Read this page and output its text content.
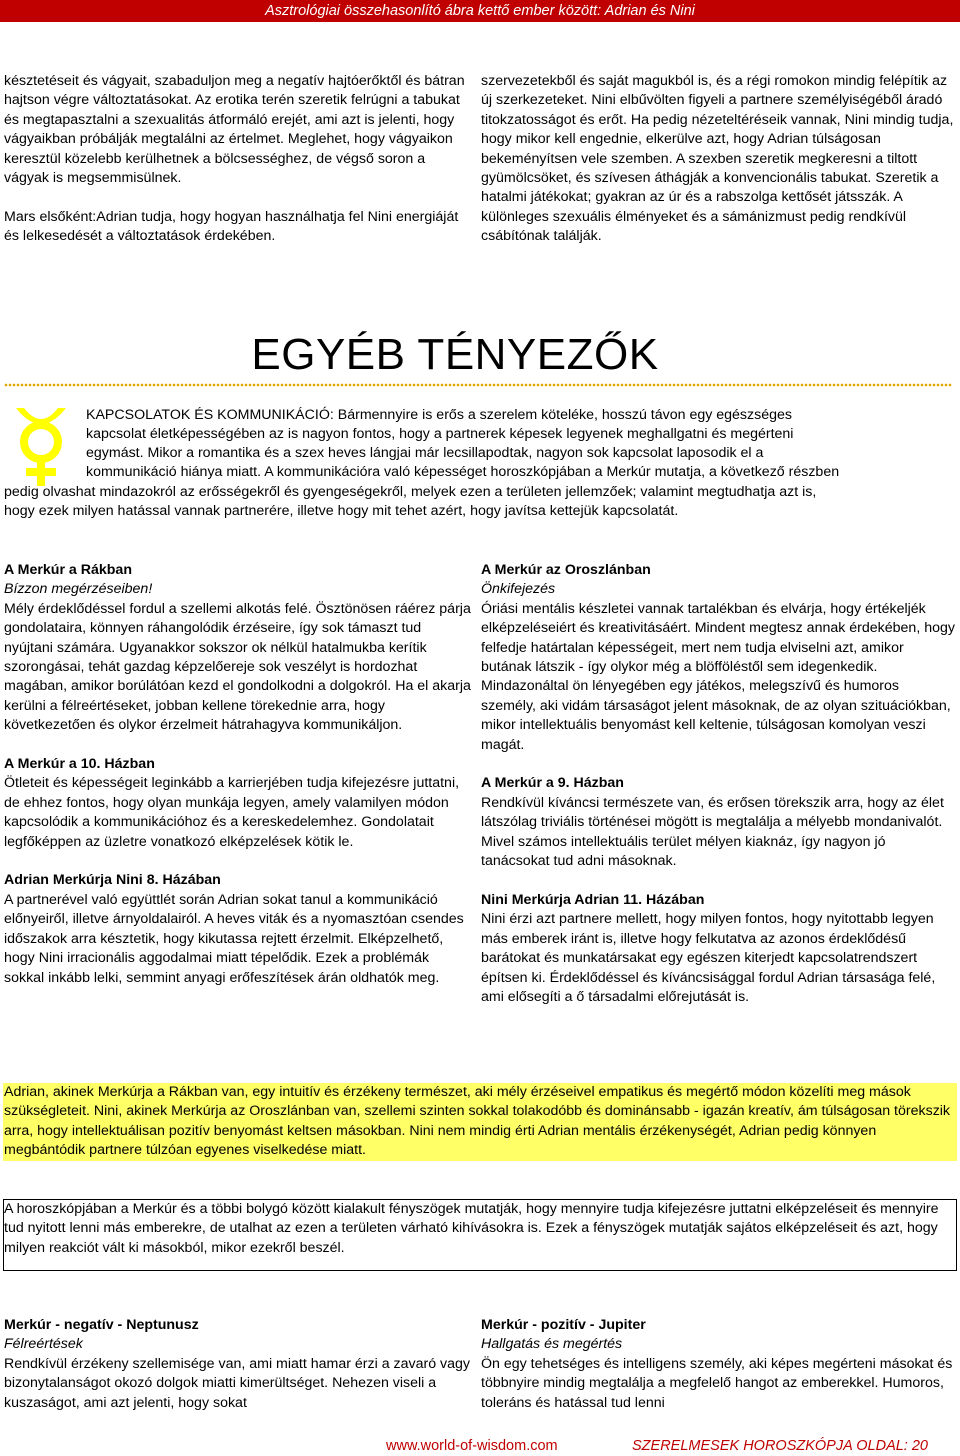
Asztrológiai összehasonlító ábra kettő ember között: Adrian és Nini

késztetéseit és vágyait, szabaduljon meg a negatív hajtóerőktől és bátran hajtson végre változtatásokat. Az erotika terén szeretik felrúgni a tabukat és megtapasztalni a szexualitás átformáló erejét, ami azt is jelenti, hogy vágyaikban próbálják megtalálni az értelmet. Meglehet, hogy vágyaikon keresztül közelebb kerülhetnek a bölcsességhez, de végső soron a vágyak is megsemmisülnek.

Mars elsőként:Adrian tudja, hogy hogyan használhatja fel Nini energiáját és lelkesedését a változtatások érdekében.

szervezetekből és saját magukból is, és a régi romokon mindig felépítik az új szerkezeteket. Nini elbűvölten figyeli a partnere személyiségéből áradó titokzatosságot és erőt. Ha pedig nézeteltéréseik vannak, Nini mindig tudja, hogy mikor kell engednie, elkerülve azt, hogy Adrian túlságosan bekeményítsen vele szemben. A szexben szeretik megkeresni a tiltott gyümölcsöket, és szívesen áthágják a konvencionális tabukat. Szeretik a hatalmi játékokat; gyakran az úr és a rabszolga kettősét játsszák. A különleges szexuális élményeket és a sámánizmust pedig rendkívül csábítónak találják.

EGYÉB TÉNYEZŐK
KAPCSOLATOK ÉS KOMMUNIKÁCIÓ: Bármennyire is erős a szerelem köteléke, hosszú távon egy egészséges
kapcsolat életképességében az is nagyon fontos, hogy a partnerek képesek legyenek meghallgatni és megérteni
egymást. Mikor a romantika és a szex heves lángjai már lecsillapodtak, nagyon sok kapcsolat laposodik el a
kommunikáció hiánya miatt. A kommunikációra való képességet horoszkópjában a Merkúr mutatja, a következő részben
pedig olvashat mindazokról az erősségekről és gyengeségekről, melyek ezen a területen jellemzőek; valamint megtudhatja azt is,
hogy ezek milyen hatással vannak partnerére, illetve hogy mit tehet azért, hogy javítsa kettejük kapcsolatát.

A Merkúr a Rákban

Bízzon megérzéseiben!

Mély érdeklődéssel fordul a szellemi alkotás felé. Ösztönösen ráérez párja gondolataira, könnyen ráhangolódik érzéseire, így sok támaszt tud nyújtani számára. Ugyanakkor sokszor ok nélkül hatalmukba kerítik szorongásai, tehát gazdag képzelőereje sok veszélyt is hordozhat magában, amikor borúlátóan kezd el gondolkodni a dolgokról. Ha el akarja kerülni a félreértéseket, jobban kellene törekednie arra, hogy következetően és olykor érzelmeit hátrahagyva kommunikáljon.

A Merkúr a 10. Házban

Ötleteit és képességeit leginkább a karrierjében tudja kifejezésre juttatni, de ehhez fontos, hogy olyan munkája legyen, amely valamilyen módon kapcsolódik a kommunikációhoz és a kereskedelemhez. Gondolatait legfőképpen az üzletre vonatkozó elképzelések kötik le.

Adrian Merkúrja Nini 8. Házában

A partnerével való együttlét során Adrian sokat tanul a kommunikáció előnyeiről, illetve árnyoldalairól. A heves viták és a nyomasztóan csendes időszakok arra késztetik, hogy kikutassa rejtett érzelmit. Elképzelhető, hogy Nini irracionális aggodalmai miatt tépelődik. Ezek a problémák sokkal inkább lelki, semmint anyagi erőfeszítések árán oldhatók meg.

A Merkúr az Oroszlánban

Önkifejezés

Óriási mentális készletei vannak tartalékban és elvárja, hogy értékeljék elképzeléseiért és kreativitásáért. Mindent megtesz annak érdekében, hogy felfedje határtalan képességeit, mert nem tudja elviselni azt, amikor butának látszik - így olykor még a blöfföléstől sem idegenkedik. Mindazonáltal ön lényegében egy játékos, melegszívű és humoros személy, aki vidám társaságot jelent másoknak, de az olyan szituációkban, mikor intellektuális benyomást kell keltenie, túlságosan komolyan veszi magát.

A Merkúr a 9. Házban

Rendkívül kíváncsi természete van, és erősen törekszik arra, hogy az élet látszólag triviális történései mögött is megtalálja a mélyebb mondanivalót. Mivel számos intellektuális terület mélyen kiaknáz, így nagyon jó tanácsokat tud adni másoknak.

Nini Merkúrja Adrian 11. Házában

Nini érzi azt partnere mellett, hogy milyen fontos, hogy nyitottabb legyen más emberek iránt is, illetve hogy felkutatva az azonos érdeklődésű barátokat és munkatársakat egy egészen kiterjedt kapcsolatrendszert építsen ki. Érdeklődéssel és kíváncsisággal fordul Adrian társasága felé, ami elősegíti a ő társadalmi előrejutását is.

Adrian, akinek Merkúrja a Rákban van, egy intuitív és érzékeny természet, aki mély érzéseivel empatikus és megértő módon közelíti meg mások szükségleteit. Nini, akinek Merkúrja az Oroszlánban van, szellemi szinten sokkal tolakodóbb és dominánsabb - igazán kreatív, ám túlságosan törekszik arra, hogy intellektuálisan pozitív benyomást keltsen másokban. Nini nem mindig érti Adrian mentális érzékenységét, Adrian pedig könnyen megbántódik partnere túlzóan egyenes viselkedése miatt.

A horoszkópjában a Merkúr és a többi bolygó között kialakult fényszögek mutatják, hogy mennyire tudja kifejezésre juttatni elképzeléseit és mennyire tud nyitott lenni más emberekre, de utalhat az ezen a területen várható kihívásokra is. Ezek a fényszögek mutatják sajátos elképzeléseit és azt, hogy milyen reakciót vált ki másokból, mikor ezekről beszél.

Merkúr - negatív - Neptunusz

Félreértések

Rendkívül érzékeny szellemisége van, ami miatt hamar érzi a zavaró vagy bizonytalanságot okozó dolgok miatti kimerültséget. Nehezen viseli a kuszaságot, ami azt jelenti, hogy sokat

Merkúr - pozitív - Jupiter

Hallgatás és megértés

Ön egy tehetséges és intelligens személy, aki képes megérteni másokat és többnyire mindig megtalálja a megfelelő hangot az emberekkel. Humoros, toleráns és hatással tud lenni

www.world-of-wisdom.com	SZERELMESEK HOROSZKÓPJA OLDAL: 20
